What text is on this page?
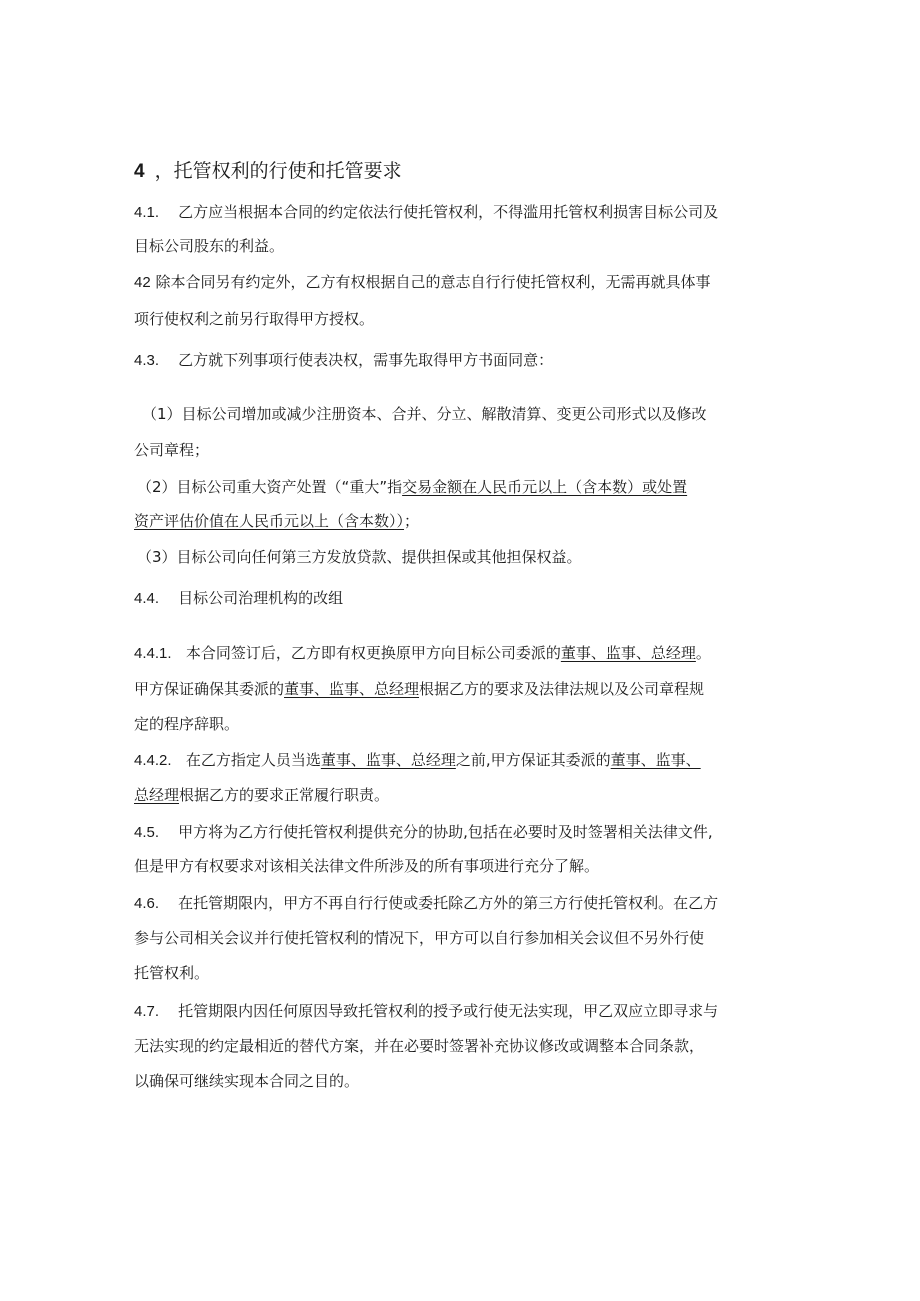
4 ，托管权利的行使和托管要求
4.1. 乙方应当根据本合同的约定依法行使托管权利，不得滥用托管权利损害目标公司及
目标公司股东的利益。
42 除本合同另有约定外，乙方有权根据自己的意志自行行使托管权利，无需再就具体事
项行使权利之前另行取得甲方授权。
4.3. 乙方就下列事项行使表决权，需事先取得甲方书面同意：
（1）目标公司增加或减少注册资本、合并、分立、解散清算、变更公司形式以及修改
公司章程；
（2）目标公司重大资产处置（“重大”指交易金额在人民币元以上（含本数）或处置
资产评估价值在人民币元以上（含本数））；
（3）目标公司向任何第三方发放贷款、提供担保或其他担保权益。
4.4. 目标公司治理机构的改组
4.4.1. 本合同签订后，乙方即有权更换原甲方向目标公司委派的董事、监事、总经理。
甲方保证确保其委派的董事、监事、总经理根据乙方的要求及法律法规以及公司章程规
定的程序辞职。
4.4.2. 在乙方指定人员当选董事、监事、总经理之前,甲方保证其委派的董事、监事、
总经理根据乙方的要求正常履行职责。
4.5. 甲方将为乙方行使托管权利提供充分的协助,包括在必要时及时签署相关法律文件,
但是甲方有权要求对该相关法律文件所涉及的所有事项进行充分了解。
4.6. 在托管期限内，甲方不再自行行使或委托除乙方外的第三方行使托管权利。在乙方
参与公司相关会议并行使托管权利的情况下，甲方可以自行参加相关会议但不另外行使
托管权利。
4.7. 托管期限内因任何原因导致托管权利的授予或行使无法实现，甲乙双应立即寻求与
无法实现的约定最相近的替代方案，并在必要时签署补充协议修改或调整本合同条款，
以确保可继续实现本合同之目的。
